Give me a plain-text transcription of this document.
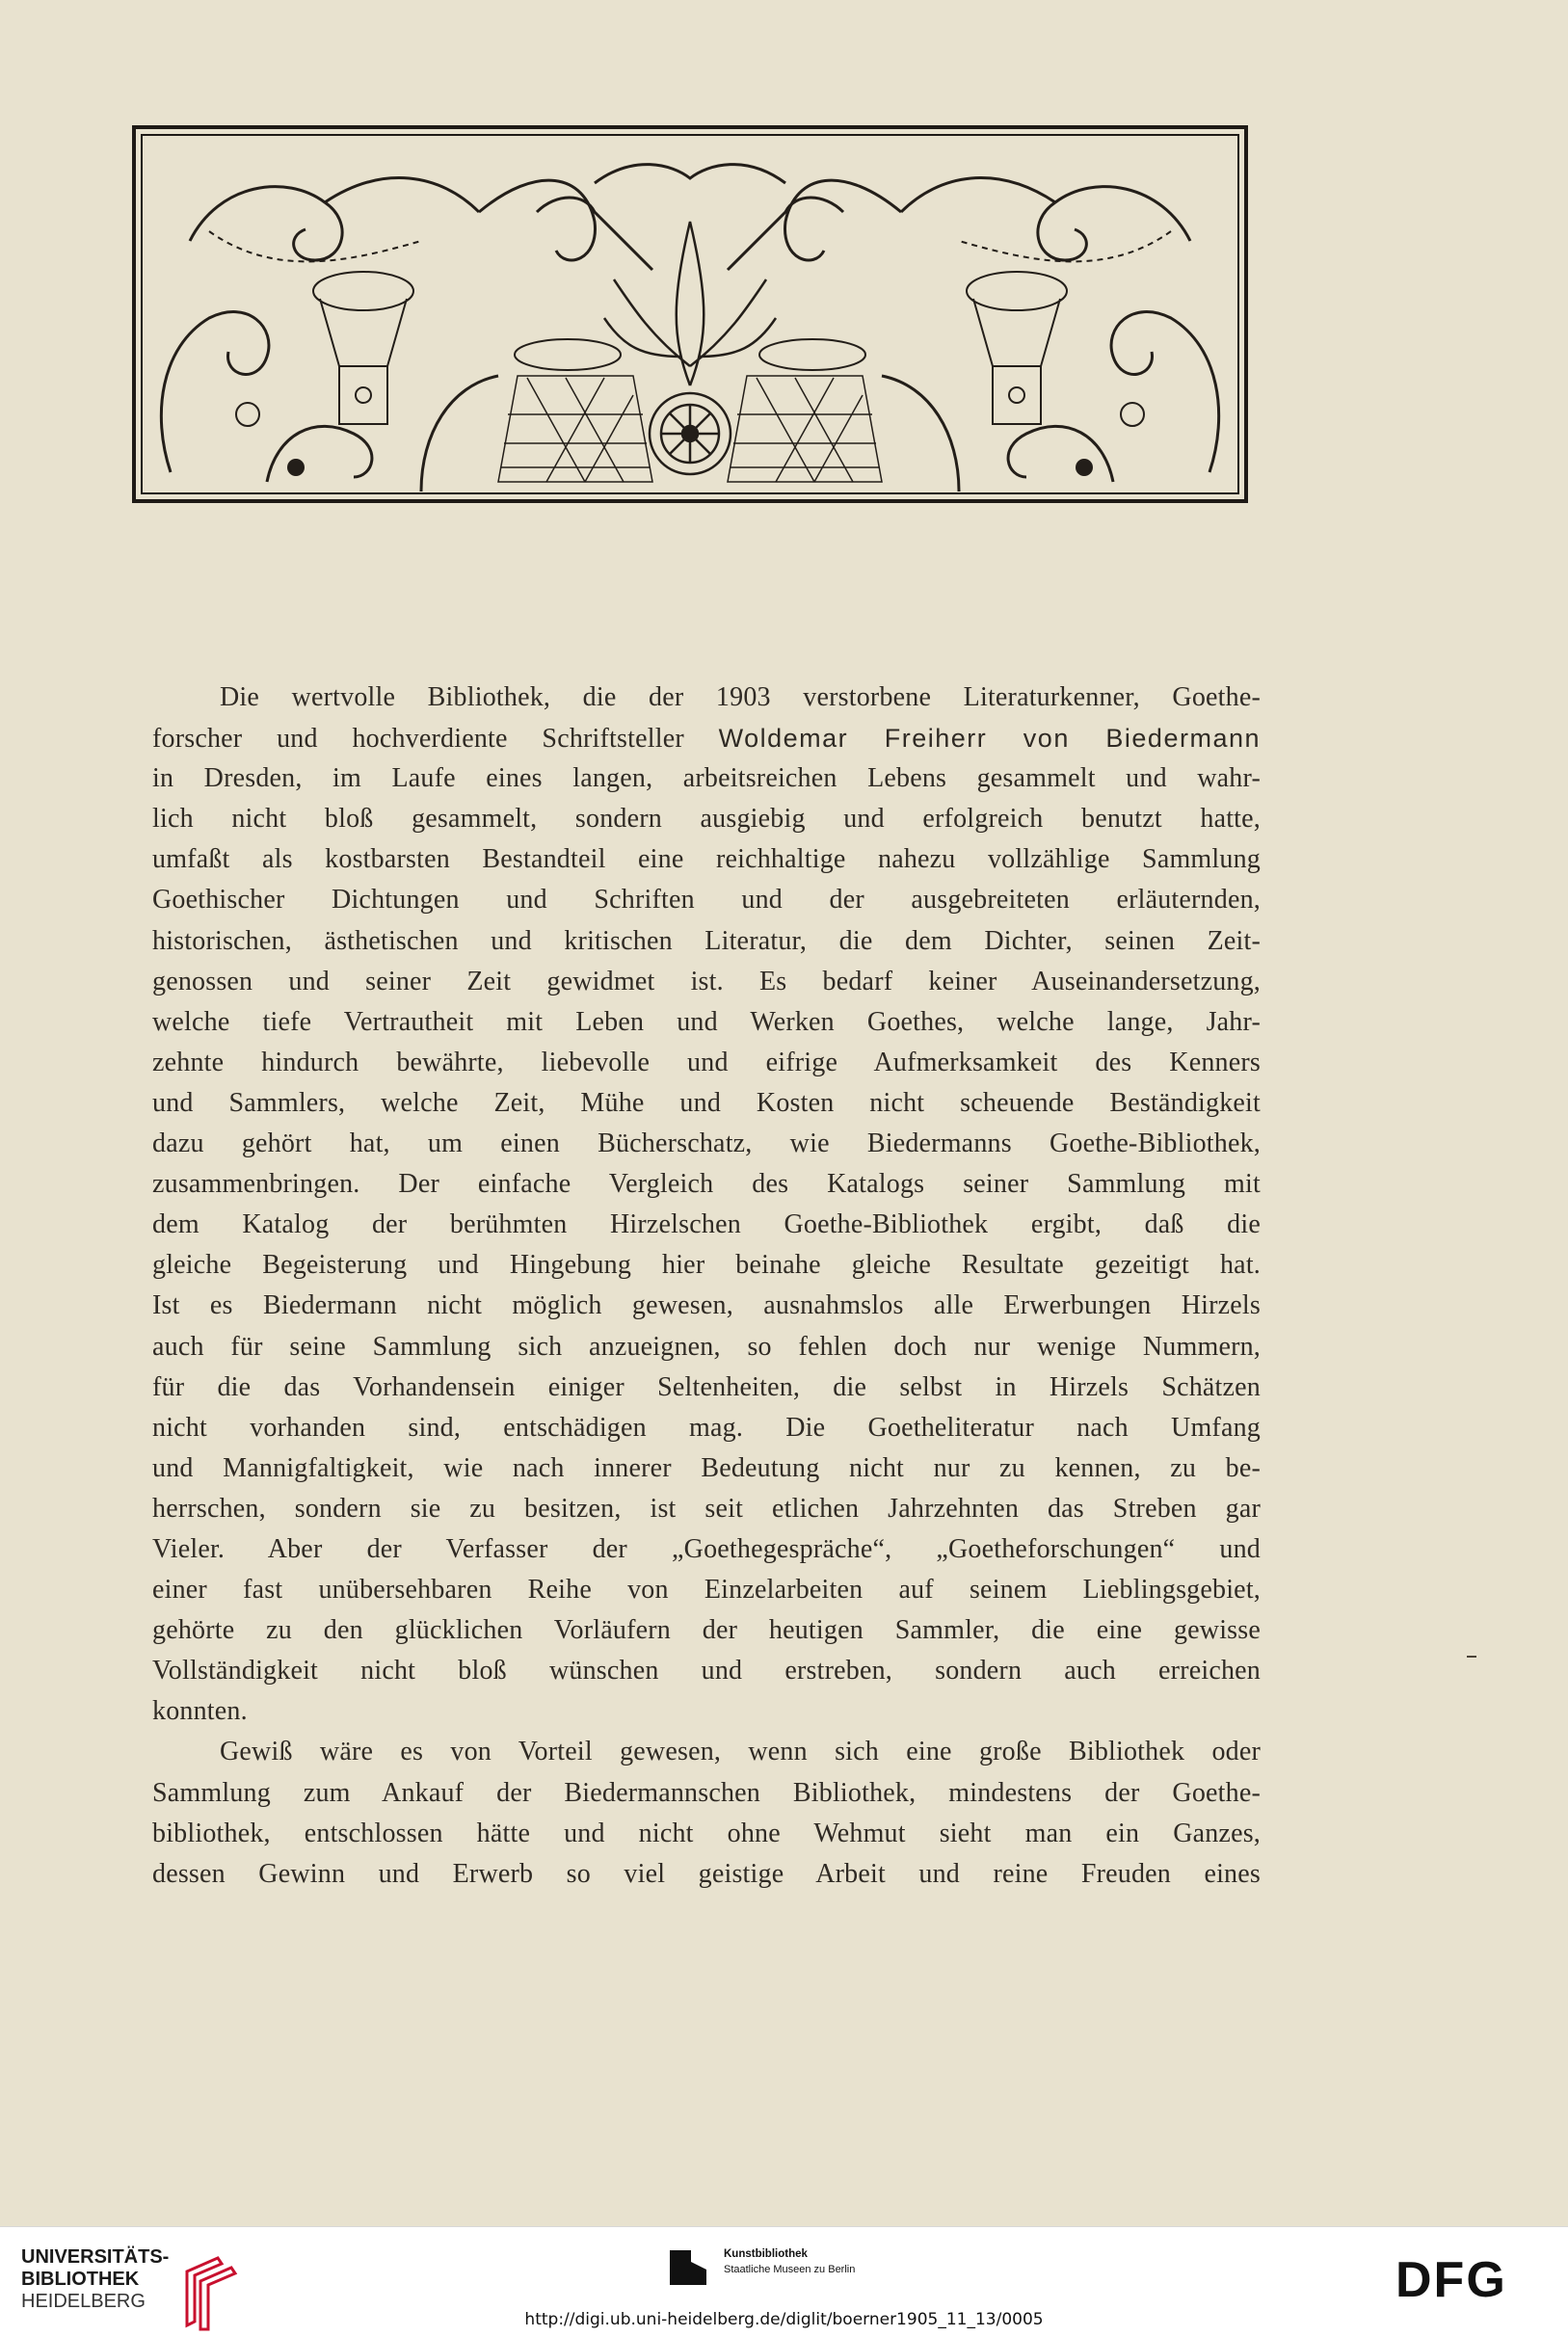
Die wertvolle Bibliothek, die der 1903 verstorbene Literaturkenner, Goethe-
forscher und hochverdiente Schriftsteller Woldemar Freiherr von Biedermann
in Dresden, im Laufe eines langen, arbeitsreichen Lebens gesammelt und wahr-
lich nicht bloß gesammelt, sondern ausgiebig und erfolgreich benutzt hatte,
umfaßt als kostbarsten Bestandteil eine reichhaltige nahezu vollzählige Sammlung
Goethischer Dichtungen und Schriften und der ausgebreiteten erläuternden,
historischen, ästhetischen und kritischen Literatur, die dem Dichter, seinen Zeit-
genossen und seiner Zeit gewidmet ist. Es bedarf keiner Auseinandersetzung,
welche tiefe Vertrautheit mit Leben und Werken Goethes, welche lange, Jahr-
zehnte hindurch bewährte, liebevolle und eifrige Aufmerksamkeit des Kenners
und Sammlers, welche Zeit, Mühe und Kosten nicht scheuende Beständigkeit
dazu gehört hat, um einen Bücherschatz, wie Biedermanns Goethe-Bibliothek,
zusammenbringen. Der einfache Vergleich des Katalogs seiner Sammlung mit
dem Katalog der berühmten Hirzelschen Goethe-Bibliothek ergibt, daß die
gleiche Begeisterung und Hingebung hier beinahe gleiche Resultate gezeitigt hat.
Ist es Biedermann nicht möglich gewesen, ausnahmslos alle Erwerbungen Hirzels
auch für seine Sammlung sich anzueignen, so fehlen doch nur wenige Nummern,
für die das Vorhandensein einiger Seltenheiten, die selbst in Hirzels Schätzen
nicht vorhanden sind, entschädigen mag. Die Goetheliteratur nach Umfang
und Mannigfaltigkeit, wie nach innerer Bedeutung nicht nur zu kennen, zu be-
herrschen, sondern sie zu besitzen, ist seit etlichen Jahrzehnten das Streben gar
Vieler. Aber der Verfasser der „Goethegespräche“, „Goetheforschungen“ und
einer fast unübersehbaren Reihe von Einzelarbeiten auf seinem Lieblingsgebiet,
gehörte zu den glücklichen Vorläufern der heutigen Sammler, die eine gewisse
Vollständigkeit nicht bloß wünschen und erstreben, sondern auch erreichen
konnten.
Gewiß wäre es von Vorteil gewesen, wenn sich eine große Bibliothek oder
Sammlung zum Ankauf der Biedermannschen Bibliothek, mindestens der Goethe-
bibliothek, entschlossen hätte und nicht ohne Wehmut sieht man ein Ganzes,
dessen Gewinn und Erwerb so viel geistige Arbeit und reine Freuden eines
UNIVERSITÄTS-
BIBLIOTHEK
HEIDELBERG
Kunstbibliothek
Staatliche Museen zu Berlin	DFG
http://digi.ub.uni-heidelberg.de/diglit/boerner1905_11_13/0005
